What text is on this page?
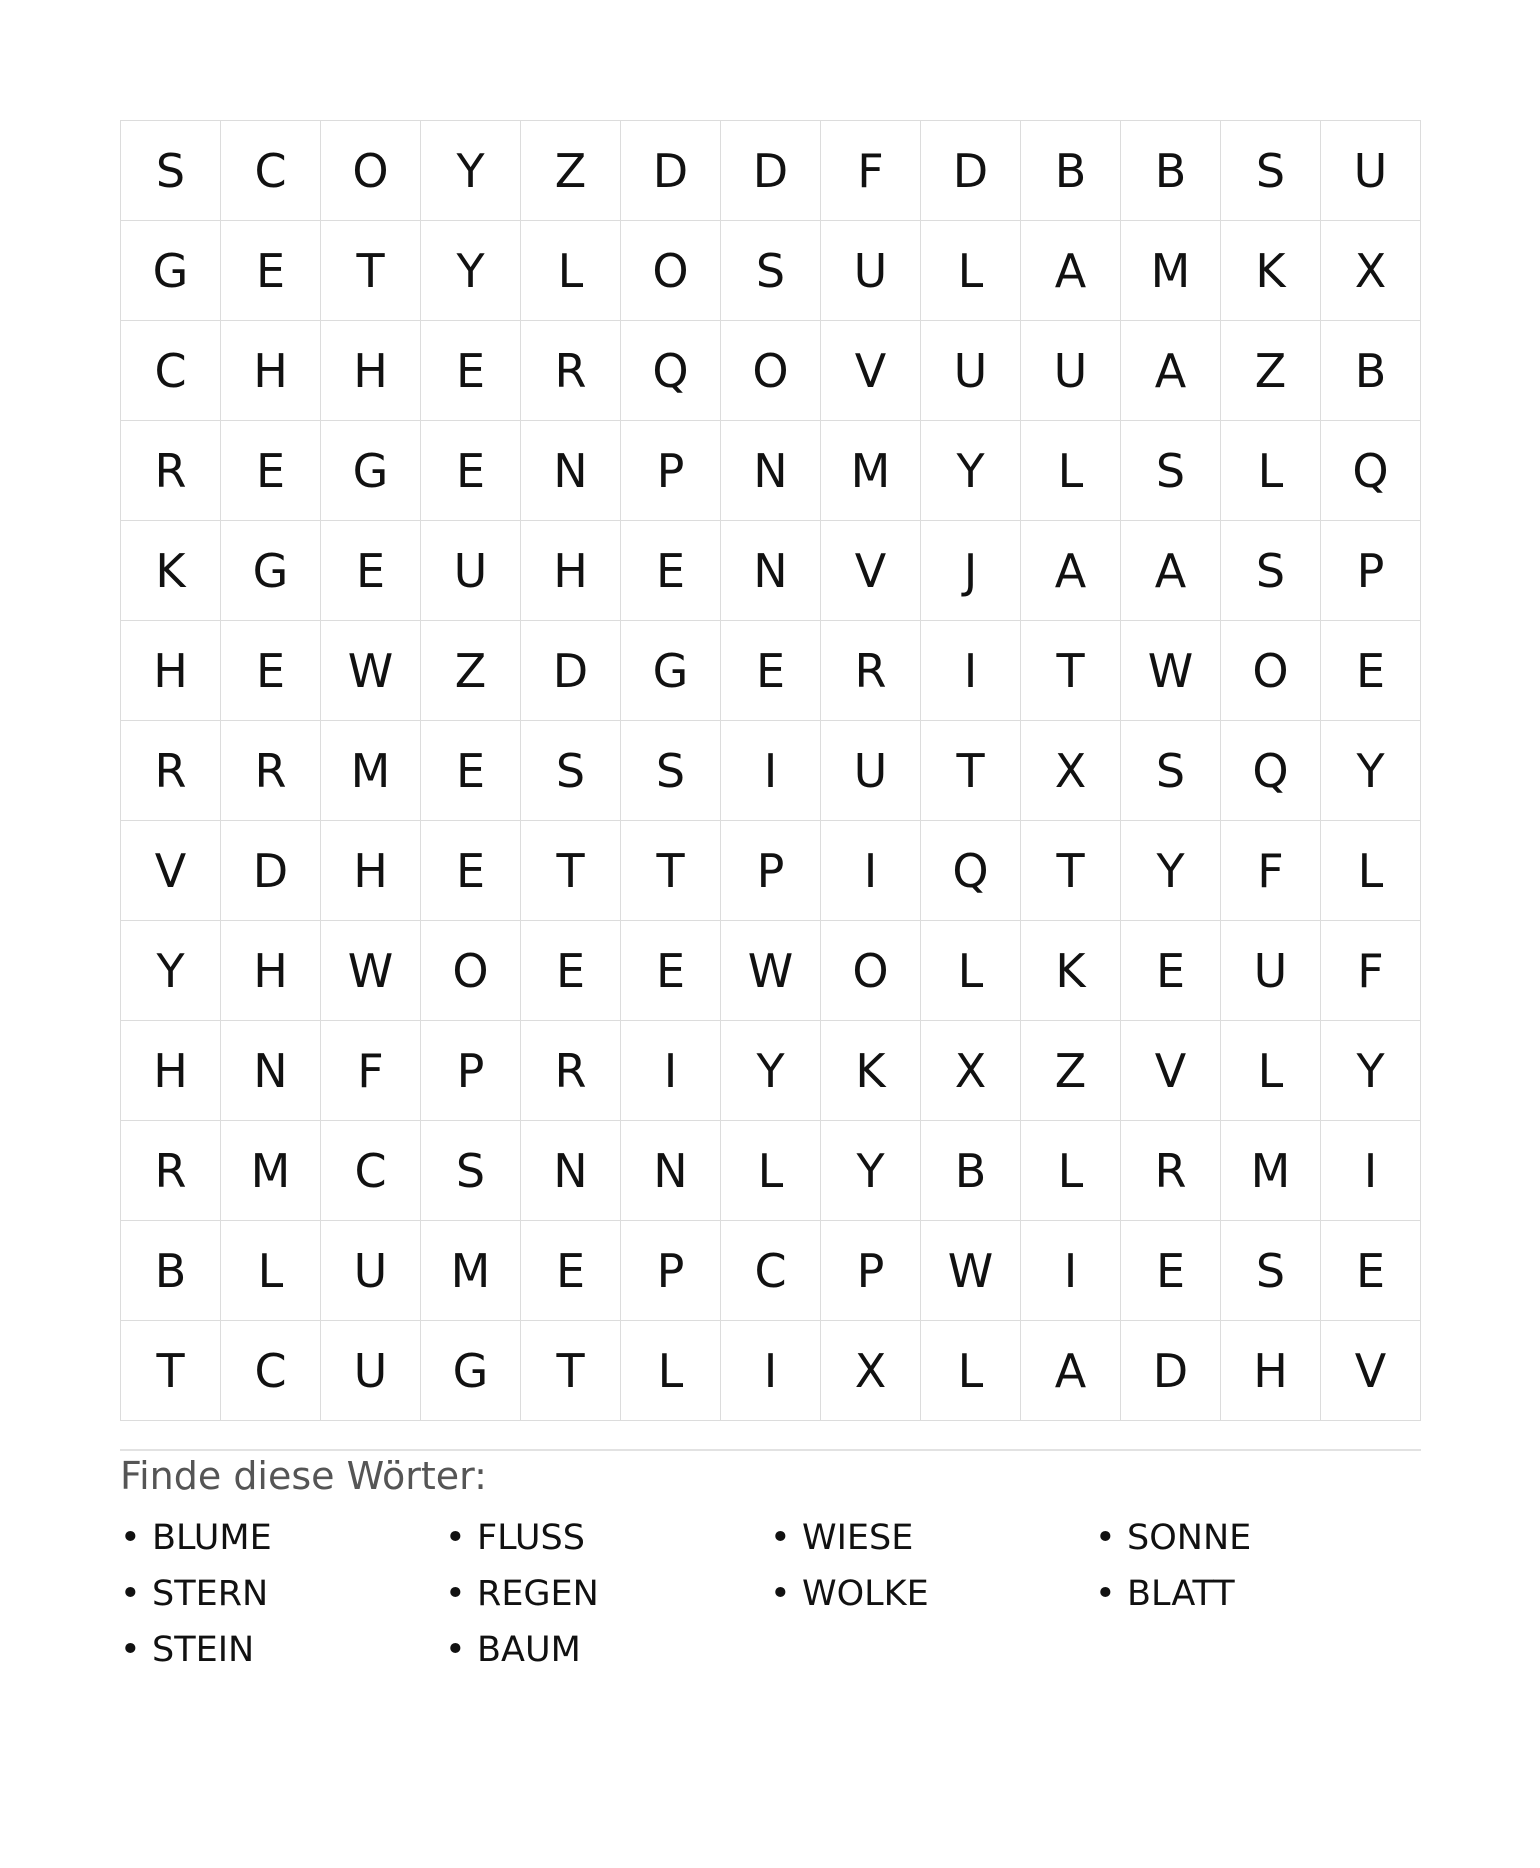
S	C	O	Y	Z	D	D	F	D	B	B	S	U
G	E	T	Y	L	O	S	U	L	A	M	K	X
C	H	H	E	R	Q	O	V	U	U	A	Z	B
R	E	G	E	N	P	N	M	Y	L	S	L	Q
K	G	E	U	H	E	N	V	J	A	A	S	P
H	E	W	Z	D	G	E	R	I	T	W	O	E
R	R	M	E	S	S	I	U	T	X	S	Q	Y
V	D	H	E	T	T	P	I	Q	T	Y	F	L
Y	H	W	O	E	E	W	O	L	K	E	U	F
H	N	F	P	R	I	Y	K	X	Z	V	L	Y
R	M	C	S	N	N	L	Y	B	L	R	M	I
B	L	U	M	E	P	C	P	W	I	E	S	E
T	C	U	G	T	L	I	X	L	A	D	H	V
Finde diese Wörter:
• BLUME	• FLUSS	• WIESE	• SONNE
• STERN	• REGEN	• WOLKE	• BLATT
• STEIN	• BAUM
